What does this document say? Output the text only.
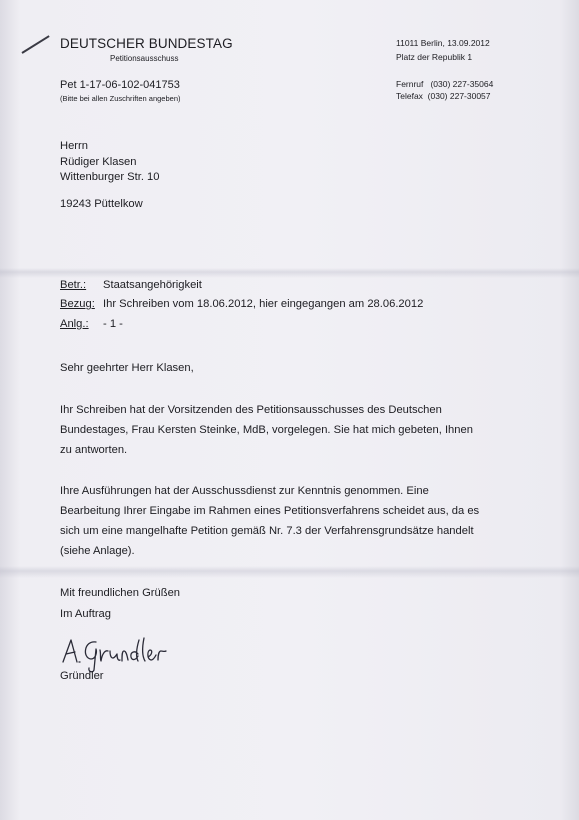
DEUTSCHER BUNDESTAG
Petitionsausschuss
Pet 1-17-06-102-041753
(Bitte bei allen Zuschriften angeben)
11011 Berlin, 13.09.2012
Platz der Republik 1
Fernruf   (030) 227-35064
Telefax  (030) 227-30057
Herrn
Rüdiger Klasen
Wittenburger Str. 10
19243 Püttelkow
Betr.: Staatsangehörigkeit
Bezug: Ihr Schreiben vom 18.06.2012, hier eingegangen am 28.06.2012
Anlg.: - 1 -
Sehr geehrter Herr Klasen,
Ihr Schreiben hat der Vorsitzenden des Petitionsausschusses des Deutschen
Bundestages, Frau Kersten Steinke, MdB, vorgelegen. Sie hat mich gebeten, Ihnen
zu antworten.
Ihre Ausführungen hat der Ausschussdienst zur Kenntnis genommen. Eine
Bearbeitung Ihrer Eingabe im Rahmen eines Petitionsverfahrens scheidet aus, da es
sich um eine mangelhafte Petition gemäß Nr. 7.3 der Verfahrensgrundsätze handelt
(siehe Anlage).
Mit freundlichen Grüßen
Im Auftrag
Gründler
